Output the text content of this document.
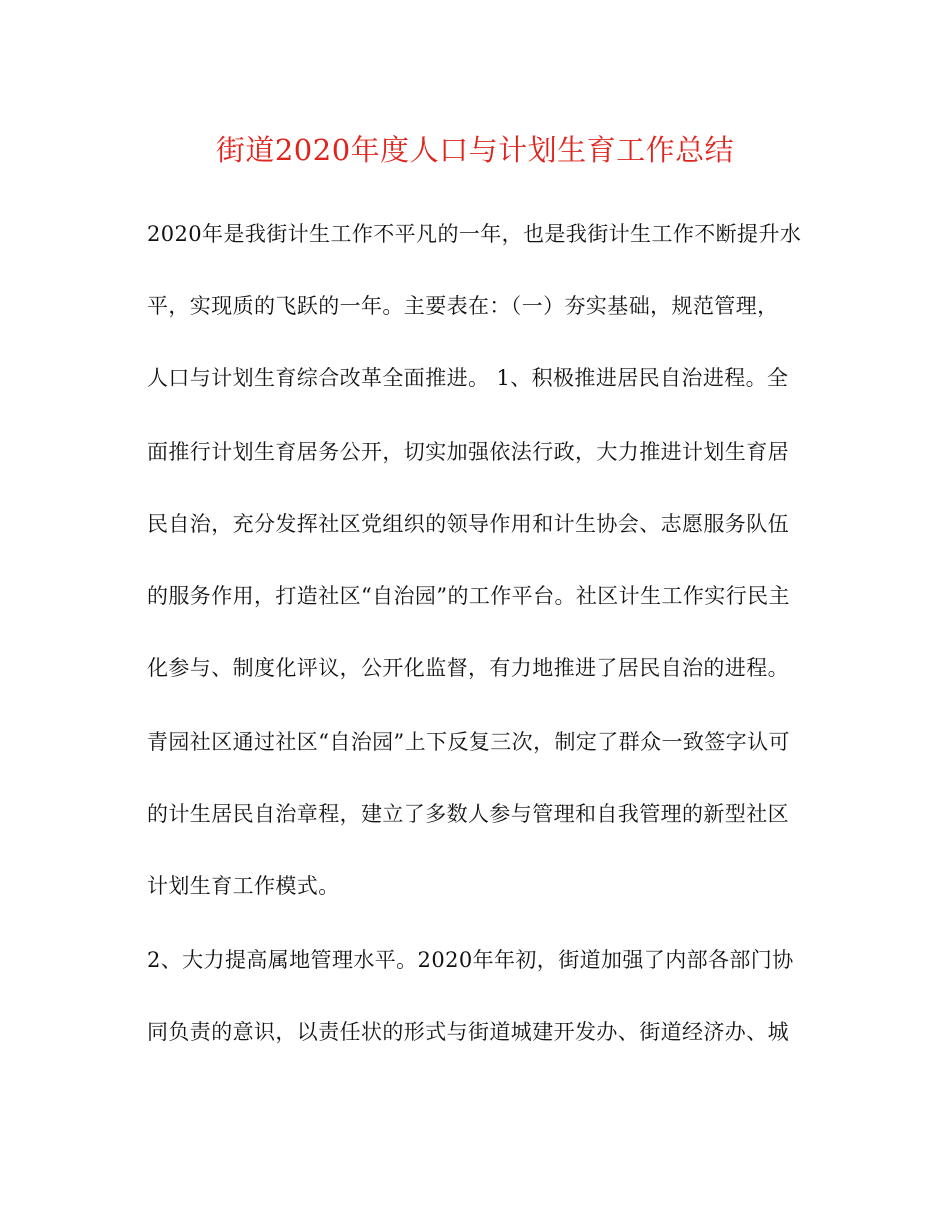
街道2020年度人口与计划生育工作总结
2020年是我街计生工作不平凡的一年，也是我街计生工作不断提升水
平，实现质的飞跃的一年。主要表在：（一）夯实基础，规范管理，
人口与计划生育综合改革全面推进。 1、积极推进居民自治进程。全
面推行计划生育居务公开，切实加强依法行政，大力推进计划生育居
民自治，充分发挥社区党组织的领导作用和计生协会、志愿服务队伍
的服务作用，打造社区“自治园”的工作平台。社区计生工作实行民主
化参与、制度化评议，公开化监督，有力地推进了居民自治的进程。
青园社区通过社区“自治园”上下反复三次，制定了群众一致签字认可
的计生居民自治章程，建立了多数人参与管理和自我管理的新型社区
计划生育工作模式。
2、大力提高属地管理水平。2020年年初，街道加强了内部各部门协
同负责的意识，以责任状的形式与街道城建开发办、街道经济办、城
